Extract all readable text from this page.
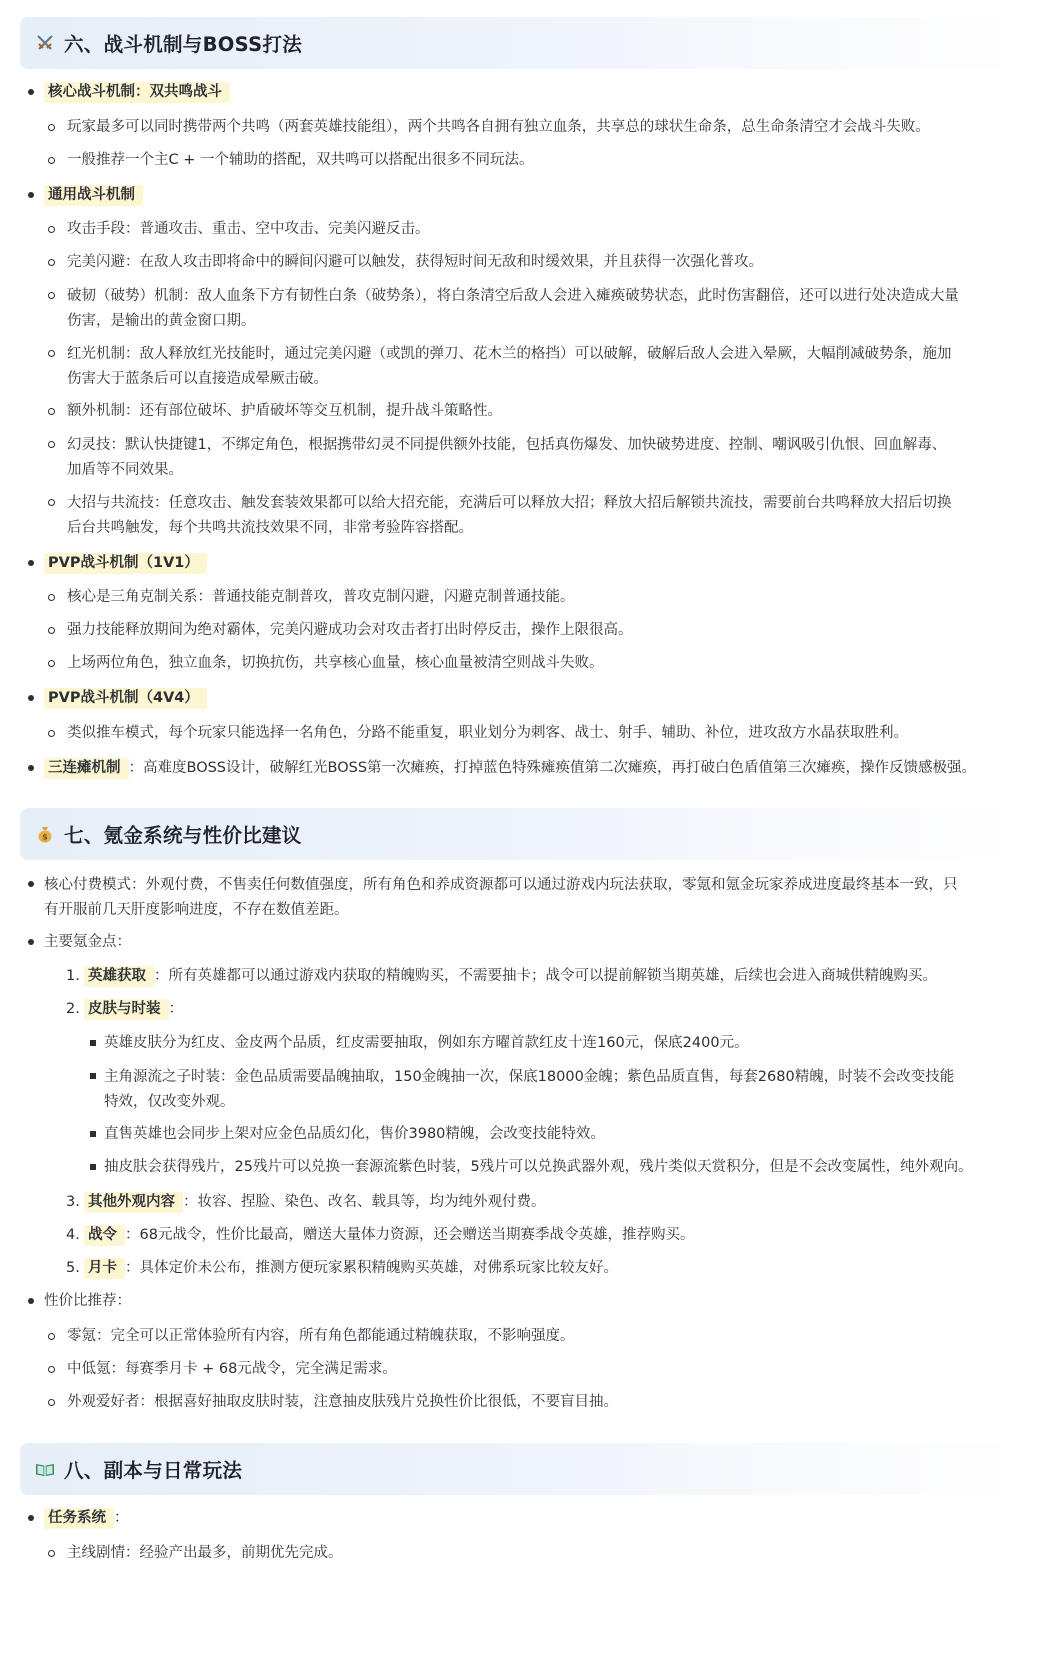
六、战斗机制与BOSS打法
核心战斗机制：双共鸣战斗
玩家最多可以同时携带两个共鸣（两套英雄技能组），两个共鸣各自拥有独立血条，共享总的球状生命条，总生命条清空才会战斗失败。
一般推荐一个主C + 一个辅助的搭配，双共鸣可以搭配出很多不同玩法。
通用战斗机制
攻击手段：普通攻击、重击、空中攻击、完美闪避反击。
完美闪避：在敌人攻击即将命中的瞬间闪避可以触发，获得短时间无敌和时缓效果，并且获得一次强化普攻。
破韧（破势）机制：敌人血条下方有韧性白条（破势条），将白条清空后敌人会进入瘫痪破势状态，此时伤害翻倍，还可以进行处决造成大量伤害，是输出的黄金窗口期。
红光机制：敌人释放红光技能时，通过完美闪避（或凯的弹刀、花木兰的格挡）可以破解，破解后敌人会进入晕厥，大幅削减破势条，施加伤害大于蓝条后可以直接造成晕厥击破。
额外机制：还有部位破坏、护盾破坏等交互机制，提升战斗策略性。
幻灵技：默认快捷键1，不绑定角色，根据携带幻灵不同提供额外技能，包括真伤爆发、加快破势进度、控制、嘲讽吸引仇恨、回血解毒、加盾等不同效果。
大招与共流技：任意攻击、触发套装效果都可以给大招充能，充满后可以释放大招；释放大招后解锁共流技，需要前台共鸣释放大招后切换后台共鸣触发，每个共鸣共流技效果不同，非常考验阵容搭配。
PVP战斗机制（1V1）
核心是三角克制关系：普通技能克制普攻，普攻克制闪避，闪避克制普通技能。
强力技能释放期间为绝对霸体，完美闪避成功会对攻击者打出时停反击，操作上限很高。
上场两位角色，独立血条，切换抗伤，共享核心血量，核心血量被清空则战斗失败。
PVP战斗机制（4V4）
类似推车模式，每个玩家只能选择一名角色，分路不能重复，职业划分为刺客、战士、射手、辅助、补位，进攻敌方水晶获取胜利。
三连瘫机制 ：高难度BOSS设计，破解红光BOSS第一次瘫痪，打掉蓝色特殊瘫痪值第二次瘫痪，再打破白色盾值第三次瘫痪，操作反馈感极强。
$ 七、氪金系统与性价比建议
核心付费模式：外观付费，不售卖任何数值强度，所有角色和养成资源都可以通过游戏内玩法获取，零氪和氪金玩家养成进度最终基本一致，只有开服前几天肝度影响进度，不存在数值差距。
主要氪金点：
1. 英雄获取 ：所有英雄都可以通过游戏内获取的精魄购买，不需要抽卡；战令可以提前解锁当期英雄，后续也会进入商城供精魄购买。
2. 皮肤与时装 ：
英雄皮肤分为红皮、金皮两个品质，红皮需要抽取，例如东方曜首款红皮十连160元，保底2400元。
主角源流之子时装：金色品质需要晶魄抽取，150金魄抽一次，保底18000金魄；紫色品质直售，每套2680精魄，时装不会改变技能特效，仅改变外观。
直售英雄也会同步上架对应金色品质幻化，售价3980精魄，会改变技能特效。
抽皮肤会获得残片，25残片可以兑换一套源流紫色时装，5残片可以兑换武器外观，残片类似天赏积分，但是不会改变属性，纯外观向。
3. 其他外观内容 ：妆容、捏脸、染色、改名、载具等，均为纯外观付费。
4. 战令 ：68元战令，性价比最高，赠送大量体力资源，还会赠送当期赛季战令英雄，推荐购买。
5. 月卡 ：具体定价未公布，推测方便玩家累积精魄购买英雄，对佛系玩家比较友好。
性价比推荐：
零氪：完全可以正常体验所有内容，所有角色都能通过精魄获取，不影响强度。
中低氪：每赛季月卡 + 68元战令，完全满足需求。
外观爱好者：根据喜好抽取皮肤时装，注意抽皮肤残片兑换性价比很低，不要盲目抽。
八、副本与日常玩法
任务系统 ：
主线剧情：经验产出最多，前期优先完成。
